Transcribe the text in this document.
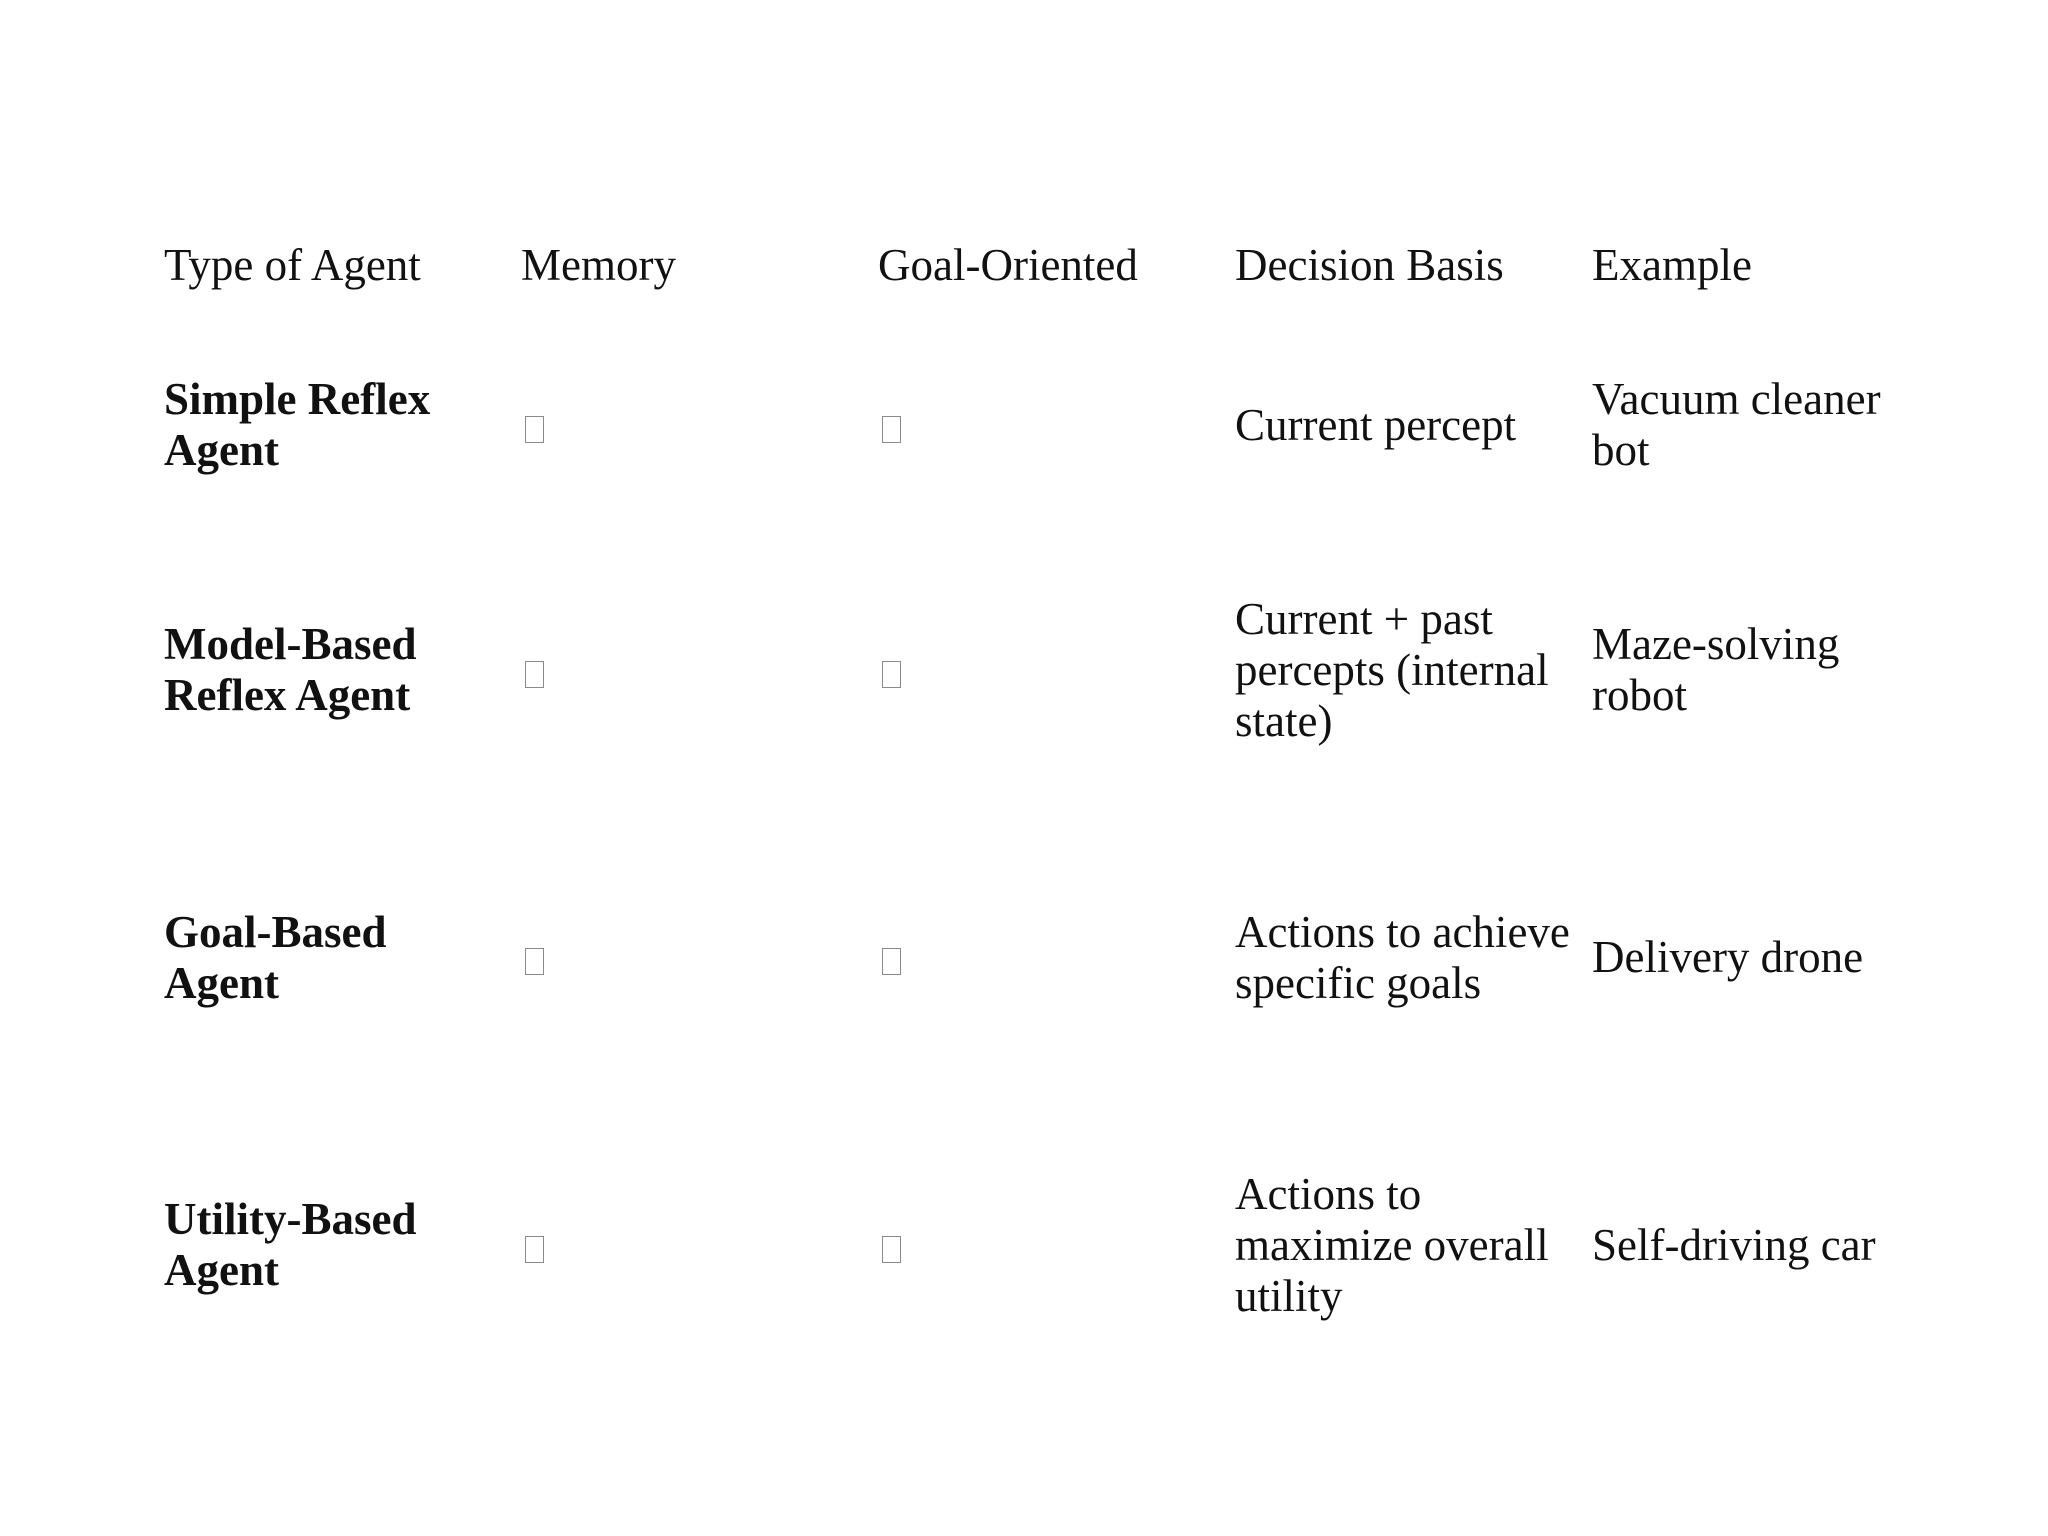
Type of Agent	Memory	Goal-Oriented	Decision Basis	Example
Simple Reflex Agent			Current percept	Vacuum cleaner bot
Model-Based Reflex Agent			Current + past percepts (internal state)	Maze-solving robot
Goal-Based Agent			Actions to achieve specific goals	Delivery drone
Utility-Based Agent			Actions to maximize overall utility	Self-driving car
